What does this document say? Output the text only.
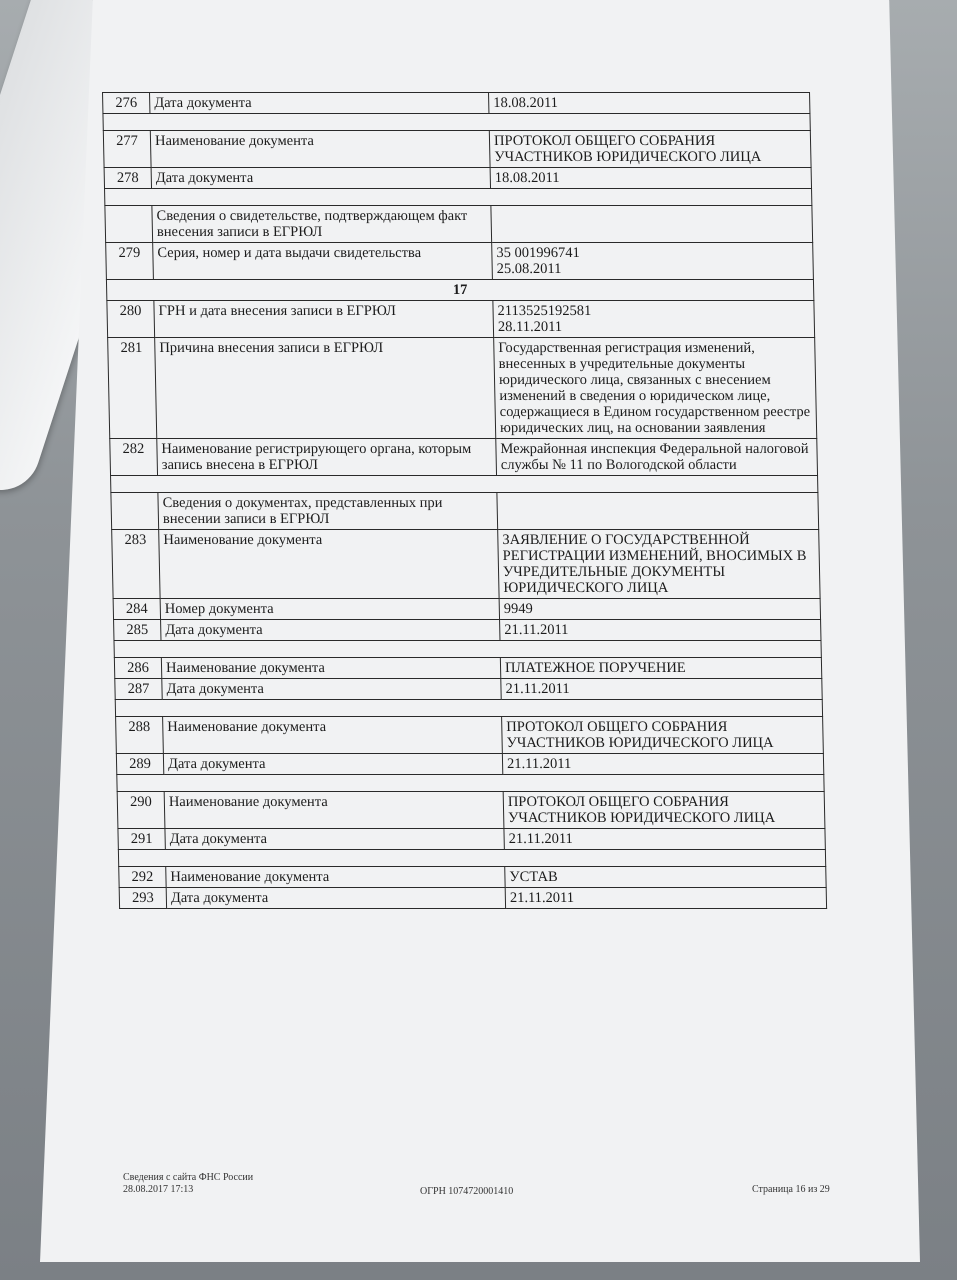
276	Дата документа	18.08.2011

277	Наименование документа	ПРОТОКОЛ ОБЩЕГО СОБРАНИЯ УЧАСТНИКОВ ЮРИДИЧЕСКОГО ЛИЦА
278	Дата документа	18.08.2011

	Сведения о свидетельстве, подтверждающем факт внесения записи в ЕГРЮЛ	
279	Серия, номер и дата выдачи свидетельства	35 001996741
25.08.2011
17		
280	ГРН и дата внесения записи в ЕГРЮЛ	2113525192581
28.11.2011
281	Причина внесения записи в ЕГРЮЛ	Государственная регистрация изменений, внесенных в учредительные документы юридического лица, связанных с внесением изменений в сведения о юридическом лице, содержащиеся в Едином государственном реестре юридических лиц, на основании заявления
282	Наименование регистрирующего органа, которым запись внесена в ЕГРЮЛ	Межрайонная инспекция Федеральной налоговой службы № 11 по Вологодской области

	Сведения о документах, представленных при внесении записи в ЕГРЮЛ	
283	Наименование документа	ЗАЯВЛЕНИЕ О ГОСУДАРСТВЕННОЙ РЕГИСТРАЦИИ ИЗМЕНЕНИЙ, ВНОСИМЫХ В УЧРЕДИТЕЛЬНЫЕ ДОКУМЕНТЫ ЮРИДИЧЕСКОГО ЛИЦА
284	Номер документа	9949
285	Дата документа	21.11.2011

286	Наименование документа	ПЛАТЕЖНОЕ ПОРУЧЕНИЕ
287	Дата документа	21.11.2011

288	Наименование документа	ПРОТОКОЛ ОБЩЕГО СОБРАНИЯ УЧАСТНИКОВ ЮРИДИЧЕСКОГО ЛИЦА
289	Дата документа	21.11.2011

290	Наименование документа	ПРОТОКОЛ ОБЩЕГО СОБРАНИЯ УЧАСТНИКОВ ЮРИДИЧЕСКОГО ЛИЦА
291	Дата документа	21.11.2011

292	Наименование документа	УСТАВ
293	Дата документа	21.11.2011
Сведения с сайта ФНС России
28.08.2017 17:13	ОГРН 1074720001410	Страница 16 из 29
